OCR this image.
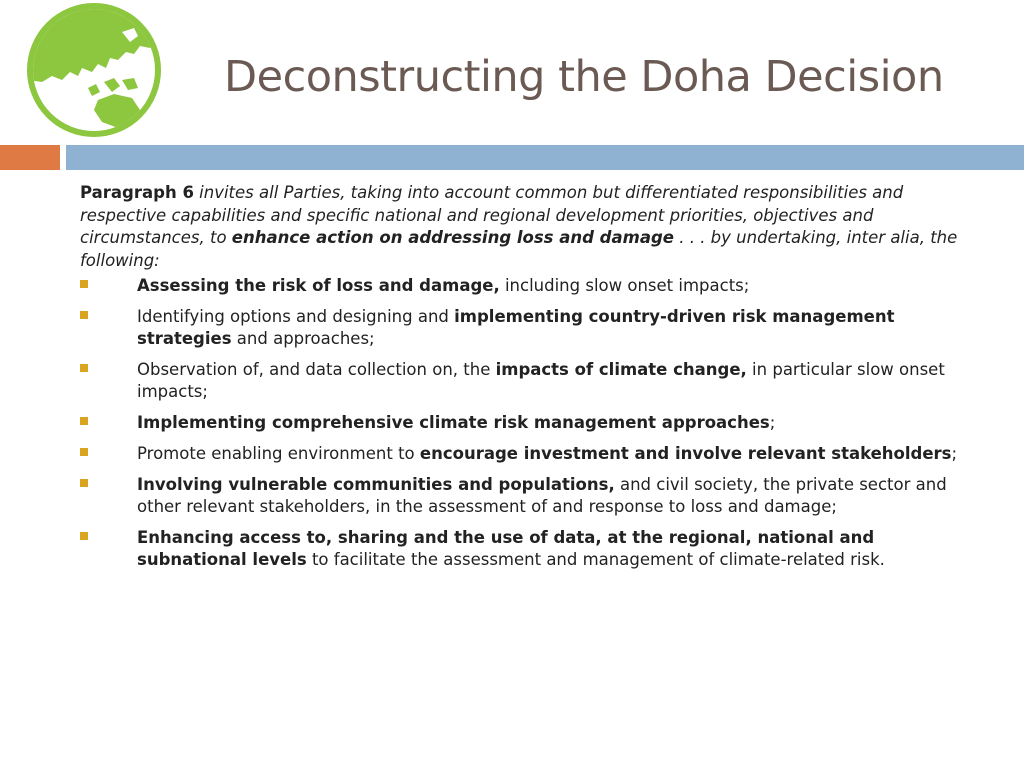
Deconstructing the Doha Decision

Paragraph 6 invites all Parties, taking into account common but differentiated responsibilities and respective capabilities and specific national and regional development priorities, objectives and circumstances, to enhance action on addressing loss and damage . . . by undertaking, inter alia, the following:

Assessing the risk of loss and damage, including slow onset impacts;
Identifying options and designing and implementing country-driven risk management strategies and approaches;
Observation of, and data collection on, the impacts of climate change, in particular slow onset impacts;
Implementing comprehensive climate risk management approaches;
Promote enabling environment to encourage investment and involve relevant stakeholders;
Involving vulnerable communities and populations, and civil society, the private sector and other relevant stakeholders, in the assessment of and response to loss and damage;
Enhancing access to, sharing and the use of data, at the regional, national and subnational levels to facilitate the assessment and management of climate-related risk.
